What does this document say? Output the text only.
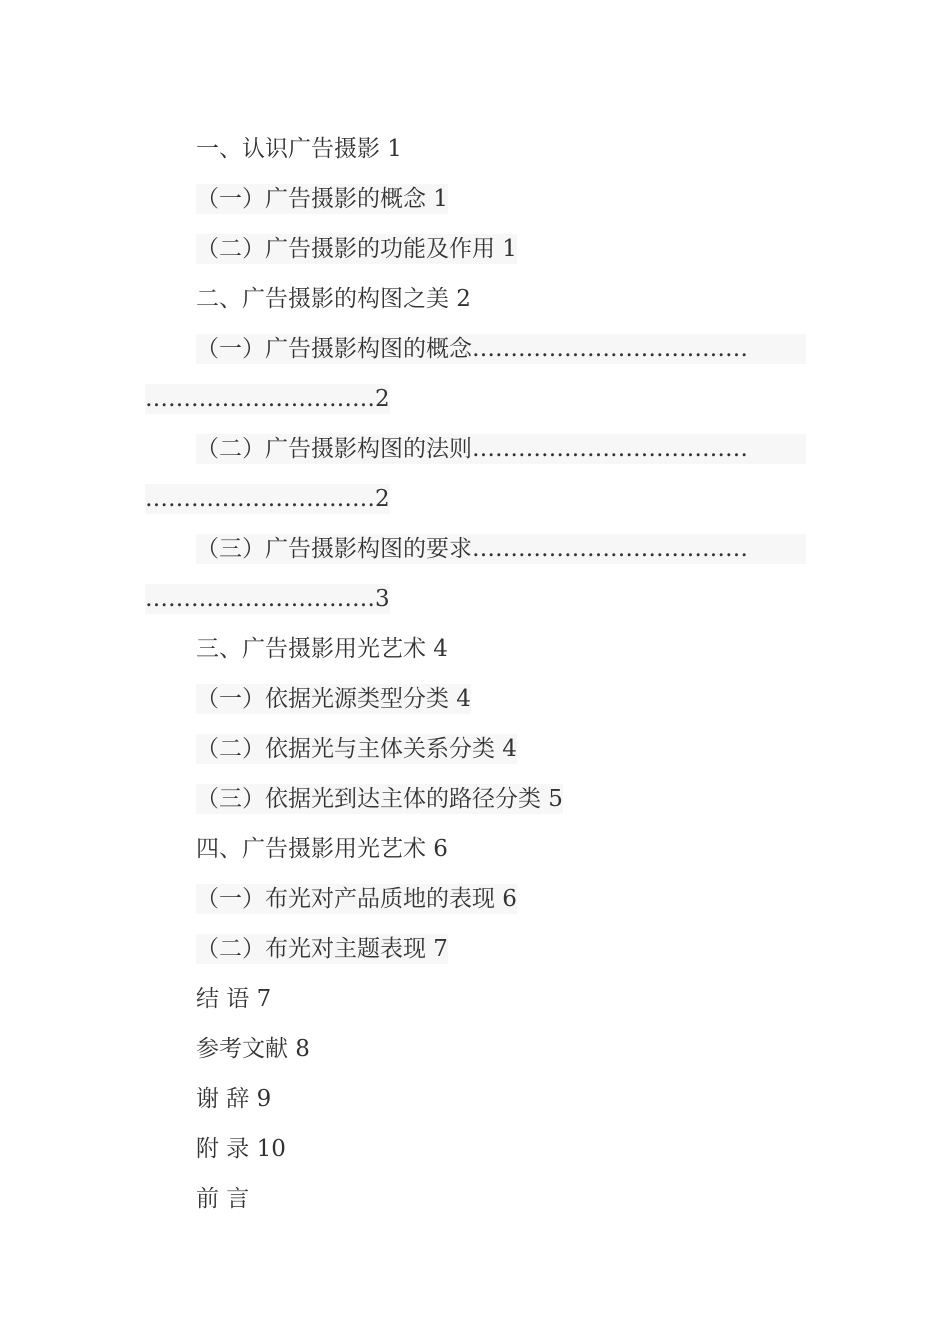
一、认识广告摄影 1
（一）广告摄影的概念 1
（二）广告摄影的功能及作用 1
二、广告摄影的构图之美 2
（一）广告摄影构图的概念………………………………
…………………………2
（二）广告摄影构图的法则………………………………
…………………………2
（三）广告摄影构图的要求………………………………
…………………………3
三、广告摄影用光艺术 4
（一）依据光源类型分类 4
（二）依据光与主体关系分类 4
（三）依据光到达主体的路径分类 5
四、广告摄影用光艺术 6
（一）布光对产品质地的表现 6
（二）布光对主题表现 7
结 语 7
参考文献 8
谢 辞 9
附 录 10
前 言
